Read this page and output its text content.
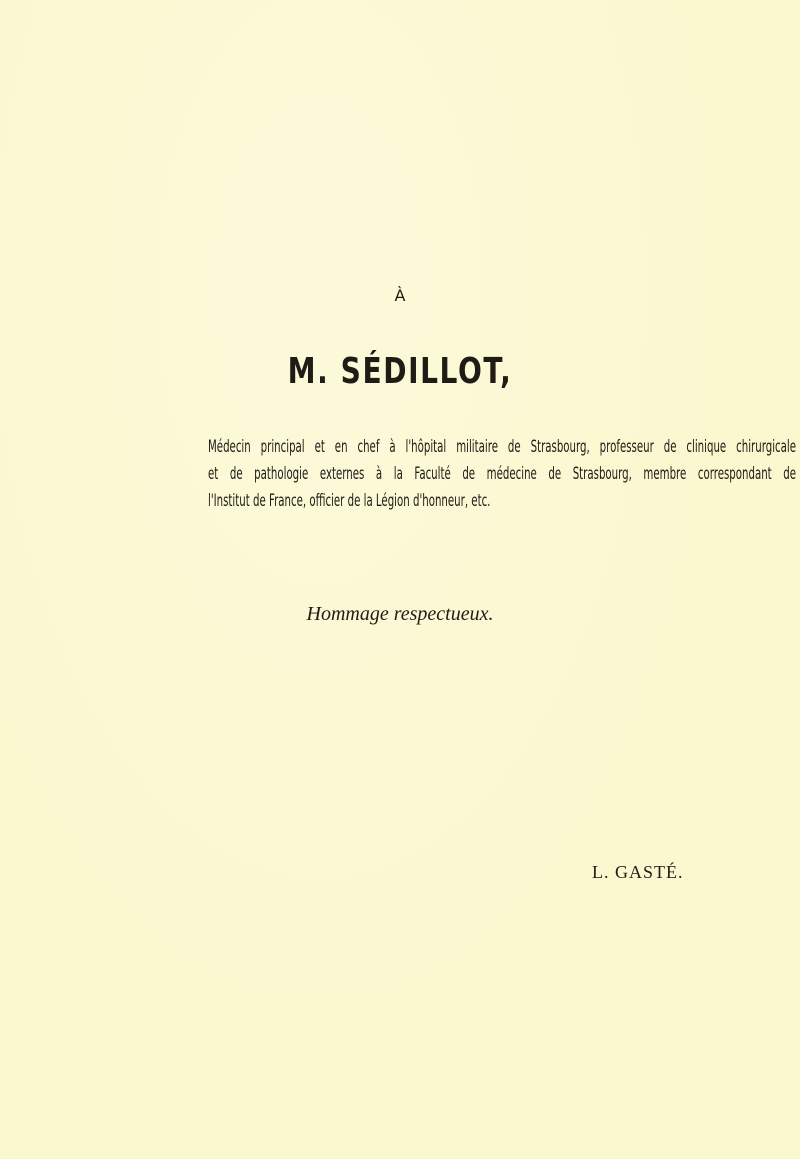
À
M. SÉDILLOT,
Médecin principal et en chef à l'hôpital militaire de Strasbourg, professeur de clinique chirurgicale
et de pathologie externes à la Faculté de médecine de Strasbourg, membre correspondant de
l'Institut de France, officier de la Légion d'honneur, etc.
Hommage respectueux.
L. GASTÉ.
